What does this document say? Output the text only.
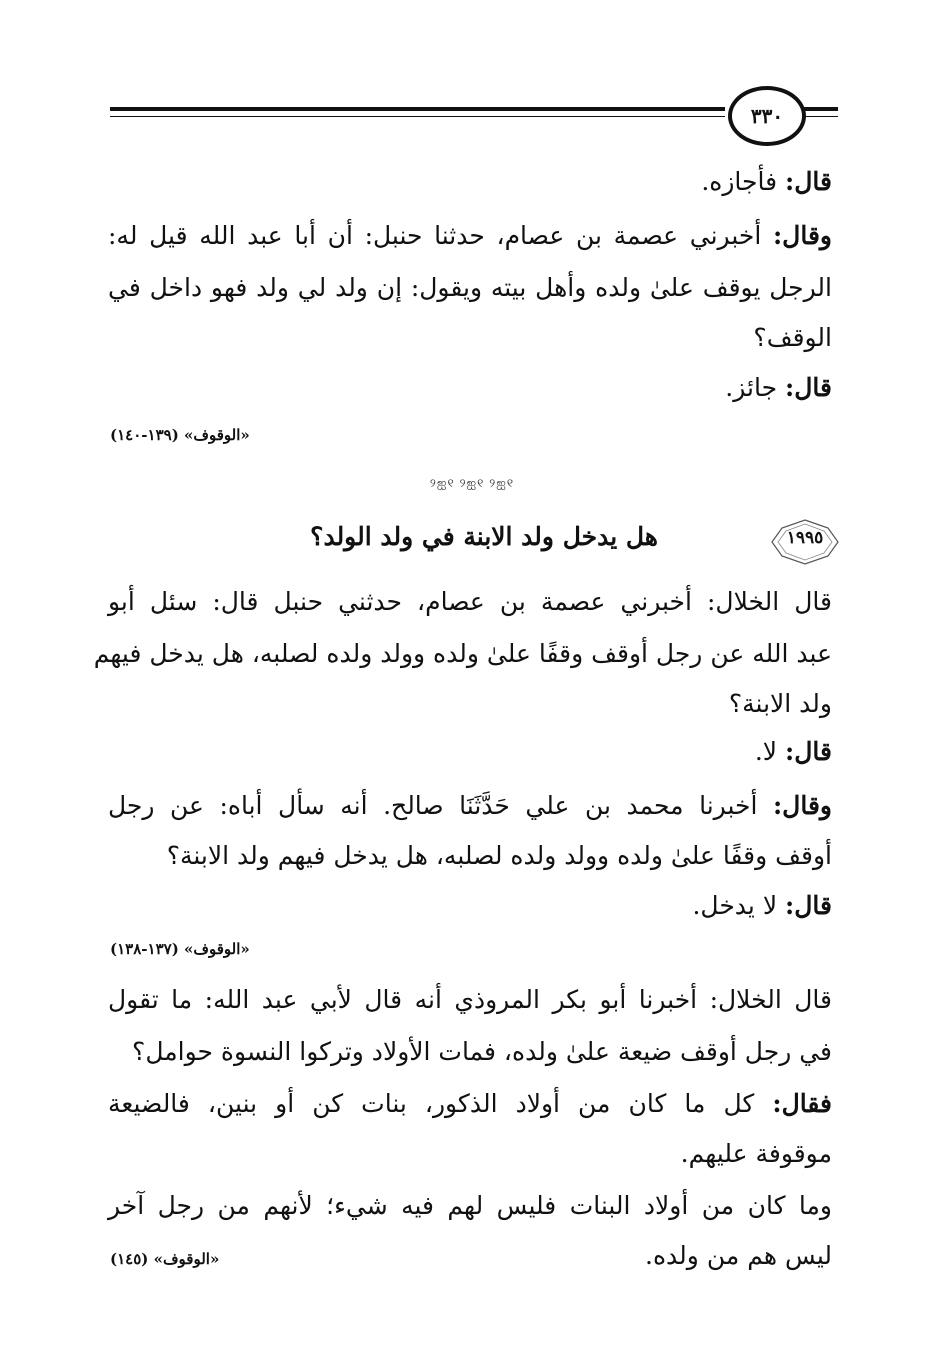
٣٣٠
قال: فأجازه.
وقال: أخبرني عصمة بن عصام، حدثنا حنبل: أن أبا عبد الله قيل له:
الرجل يوقف علىٰ ولده وأهل بيته ويقول: إن ولد لي ولد فهو داخل في
الوقف؟
قال: جائز.
«الوقوف» (١٣٩-١٤٠)
୨ஐ୧ ୨ஐ୧ ୨ஐ୧
١٩٩٥
هل يدخل ولد الابنة في ولد الولد؟
قال الخلال: أخبرني عصمة بن عصام، حدثني حنبل قال: سئل أبو
عبد الله عن رجل أوقف وقفًا علىٰ ولده وولد ولده لصلبه، هل يدخل فيهم
ولد الابنة؟
قال: لا.
وقال: أخبرنا محمد بن علي حَدَّثَنَا صالح. أنه سأل أباه: عن رجل
أوقف وقفًا علىٰ ولده وولد ولده لصلبه، هل يدخل فيهم ولد الابنة؟
قال: لا يدخل.
«الوقوف» (١٣٧-١٣٨)
قال الخلال: أخبرنا أبو بكر المروذي أنه قال لأبي عبد الله: ما تقول
في رجل أوقف ضيعة علىٰ ولده، فمات الأولاد وتركوا النسوة حوامل؟
فقال: كل ما كان من أولاد الذكور، بنات كن أو بنين، فالضيعة
موقوفة عليهم.
وما كان من أولاد البنات فليس لهم فيه شيء؛ لأنهم من رجل آخر
ليس هم من ولده.
«الوقوف» (١٤٥)
